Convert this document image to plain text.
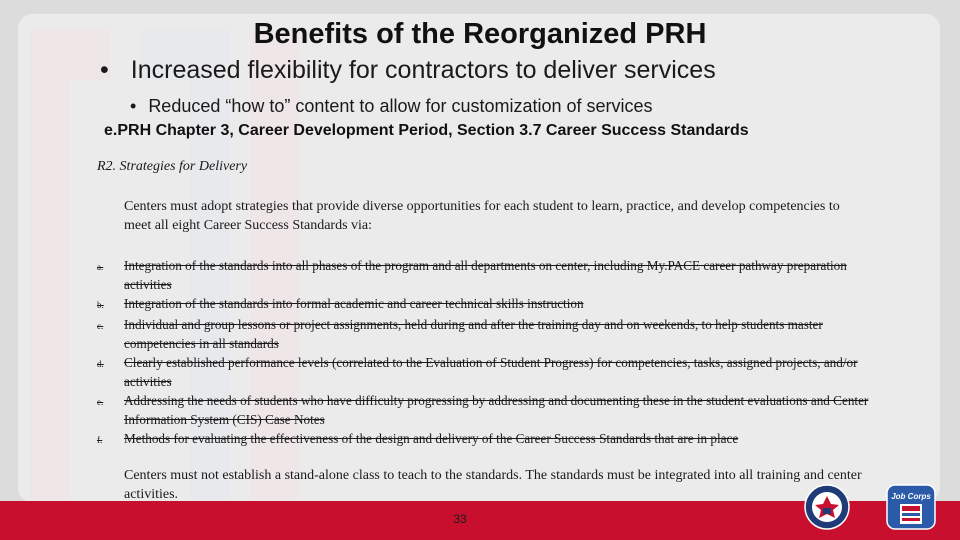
Benefits of the Reorganized PRH
• Increased flexibility for contractors to deliver services
• Reduced “how to” content to allow for customization of services
e.PRH Chapter 3, Career Development Period, Section 3.7 Career Success Standards
R2. Strategies for Delivery
Centers must adopt strategies that provide diverse opportunities for each student to learn, practice, and develop competencies to meet all eight Career Success Standards via:
a.	Integration of the standards into all phases of the program and all departments on center, including My.PACE career pathway preparation activities
b.	Integration of the standards into formal academic and career technical skills instruction
c.	Individual and group lessons or project assignments, held during and after the training day and on weekends, to help students master competencies in all standards
d.	Clearly established performance levels (correlated to the Evaluation of Student Progress) for competencies, tasks, assigned projects, and/or activities
e.	Addressing the needs of students who have difficulty progressing by addressing and documenting these in the student evaluations and Center Information System (CIS) Case Notes
f.	Methods for evaluating the effectiveness of the design and delivery of the Career Success Standards that are in place
Centers must not establish a stand-alone class to teach to the standards. The standards must be integrated into all training and center activities.
33
Job Corps
